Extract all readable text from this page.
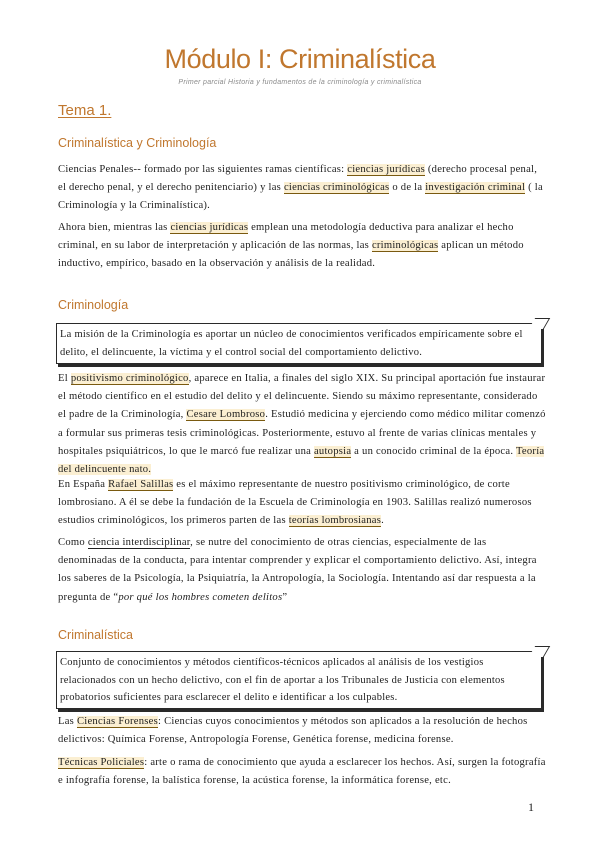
Módulo I: Criminalística
Primer parcial Historia y fundamentos de la criminología y criminalística
Tema 1.
Criminalística y Criminología
Ciencias Penales-- formado por las siguientes ramas científicas: ciencias jurídicas (derecho procesal penal, el derecho penal, y el derecho penitenciario) y las ciencias criminológicas o de la investigación criminal ( la Criminología y la Criminalística).
Ahora bien, mientras las ciencias jurídicas emplean una metodología deductiva para analizar el hecho criminal, en su labor de interpretación y aplicación de las normas, las criminológicas aplican un método inductivo, empírico, basado en la observación y análisis de la realidad.
Criminología
La misión de la Criminología es aportar un núcleo de conocimientos verificados empíricamente sobre el delito, el delincuente, la víctima y el control social del comportamiento delictivo.
El positivismo criminológico, aparece en Italia, a finales del siglo XIX. Su principal aportación fue instaurar el método científico en el estudio del delito y el delincuente. Siendo su máximo representante, considerado el padre de la Criminología, Cesare Lombroso. Estudió medicina y ejerciendo como médico militar comenzó a formular sus primeras tesis criminológicas. Posteriormente, estuvo al frente de varias clínicas mentales y hospitales psiquiátricos, lo que le marcó fue realizar una autopsia a un conocido criminal de la época. Teoría del delincuente nato.
En España Rafael Salillas es el máximo representante de nuestro positivismo criminológico, de corte lombrosiano. A él se debe la fundación de la Escuela de Criminología en 1903. Salillas realizó numerosos estudios criminológicos, los primeros parten de las teorías lombrosianas.
Como ciencia interdisciplinar, se nutre del conocimiento de otras ciencias, especialmente de las denominadas de la conducta, para intentar comprender y explicar el comportamiento delictivo. Así, integra los saberes de la Psicología, la Psiquiatría, la Antropología, la Sociología. Intentando así dar respuesta a la pregunta de “por qué los hombres cometen delitos”
Criminalística
Conjunto de conocimientos y métodos científicos-técnicos aplicados al análisis de los vestigios relacionados con un hecho delictivo, con el fin de aportar a los Tribunales de Justicia con elementos probatorios suficientes para esclarecer el delito e identificar a los culpables.
Las Ciencias Forenses: Ciencias cuyos conocimientos y métodos son aplicados a la resolución de hechos delictivos: Química Forense, Antropología Forense, Genética forense, medicina forense.
Técnicas Policiales: arte o rama de conocimiento que ayuda a esclarecer los hechos. Así, surgen la fotografía e infografía forense, la balística forense, la acústica forense, la informática forense, etc.
1
